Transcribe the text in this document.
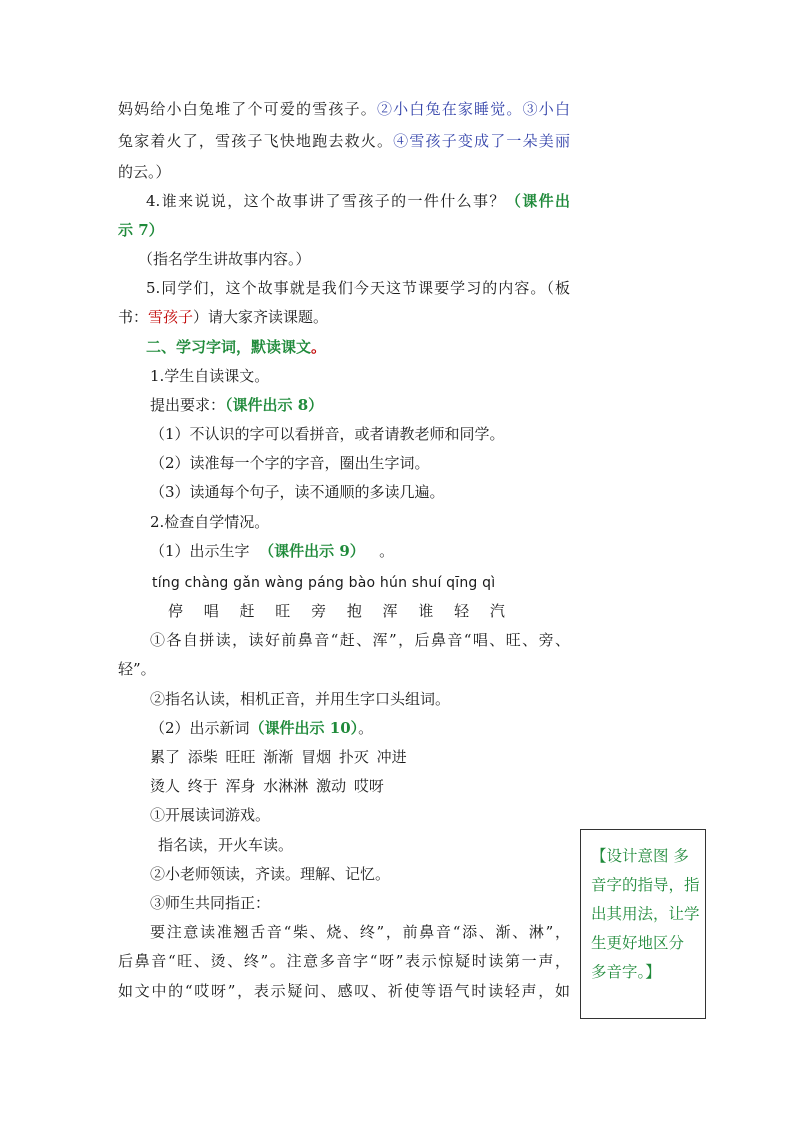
妈妈给小白兔堆了个可爱的雪孩子。②小白兔在家睡觉。③小白
兔家着火了，雪孩子飞快地跑去救火。④雪孩子变成了一朵美丽
的云。）
4.谁来说说，这个故事讲了雪孩子的一件什么事？（课件出
示 7）
（指名学生讲故事内容。）
5.同学们，这个故事就是我们今天这节课要学习的内容。（板
书：雪孩子）请大家齐读课题。
二、学习字词，默读课文。
1.学生自读课文。
提出要求：（课件出示 8）
（1）不认识的字可以看拼音，或者请教老师和同学。
（2）读准每一个字的字音，圈出生字词。
（3）读通每个句子，读不通顺的多读几遍。
2.检查自学情况。
（1）出示生字 （课件出示 9） 。
tíng chàng gǎn wàng páng bào hún shuí qīng qì
停 唱 赶 旺 旁 抱 浑 谁 轻 汽
①各自拼读，读好前鼻音“赶、浑”，后鼻音“唱、旺、旁、
轻”。
②指名认读，相机正音，并用生字口头组词。
（2）出示新词（课件出示 10）。
累了 添柴 旺旺 渐渐 冒烟 扑灭 冲进
烫人 终于 浑身 水淋淋 激动 哎呀
①开展读词游戏。
指名读，开火车读。
②小老师领读，齐读。理解、记忆。
③师生共同指正：
要注意读准翘舌音“柴、烧、终”，前鼻音“添、渐、淋”，
后鼻音“旺、烫、终”。注意多音字“呀”表示惊疑时读第一声，
如文中的“哎呀”，表示疑问、感叹、祈使等语气时读轻声，如
【设计意图 多
音字的指导，指
出其用法，让学
生更好地区分
多音字。】
